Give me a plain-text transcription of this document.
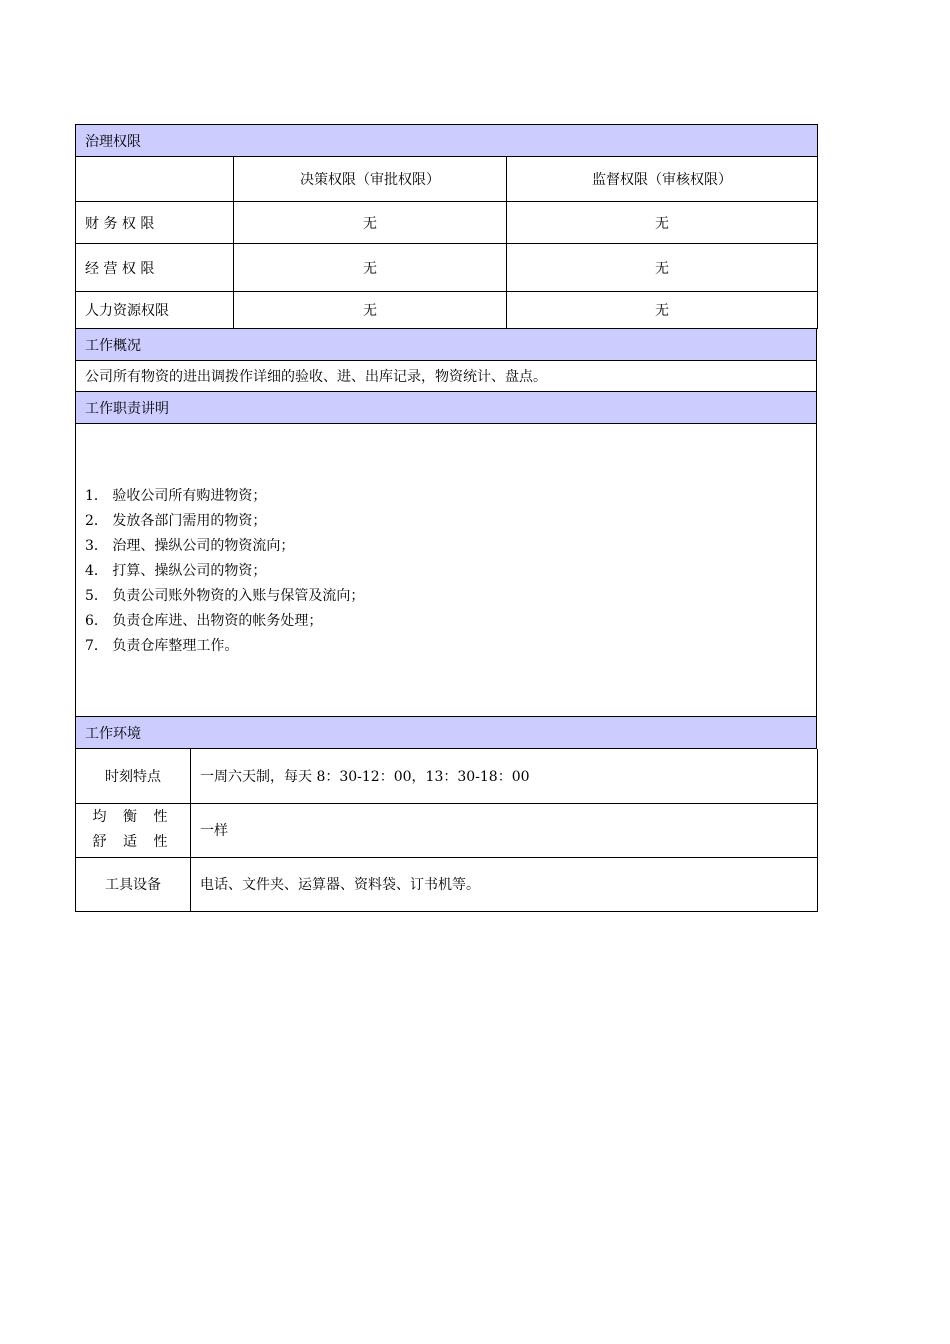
治理权限		
	决策权限（审批权限）	监督权限（审核权限）
财 务 权 限	无	无
经 营 权 限	无	无
人力资源权限	无	无
工作概况
公司所有物资的进出调拨作详细的验收、进、出库记录，物资统计、盘点。
工作职责讲明

1． 验收公司所有购进物资；
2． 发放各部门需用的物资；
3． 治理、操纵公司的物资流向；
4． 打算、操纵公司的物资；
5． 负责公司账外物资的入账与保管及流向；
6． 负责仓库进、出物资的帐务处理；
7． 负责仓库整理工作。

工作环境
时刻特点	一周六天制，每天 8：30-12：00，13：30-18：00

均 衡 性
舒 适 性	一样
工具设备	电话、文件夹、运算器、资料袋、订书机等。
